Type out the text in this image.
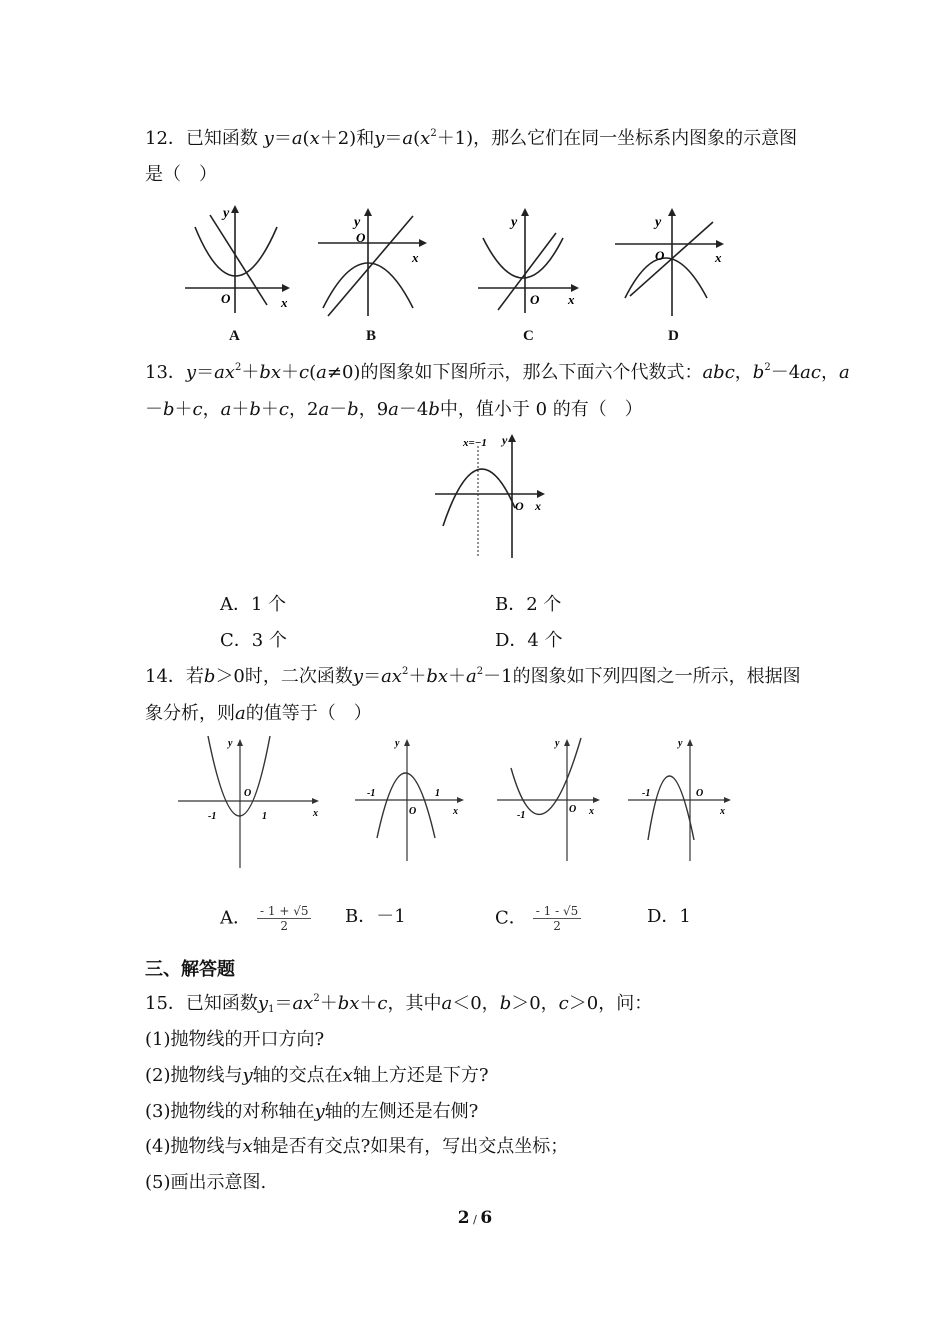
12．已知函数 y＝a(x＋2)和$y=a(x^2+1)$，那么它们在同一坐标系内图象的示意图
是（　）
y
O	x
A
y
O
x
B
y
O x
C
y
O	x
D
13．$y=ax^2+bx+c(a\ne 0)$的图象如下图所示，那么下面六个代数式：abc，$b^2-4ac$，a
－b＋c，a＋b＋c，2a－b，9a－4b中，值小于 0 的有（　）
x=−1 y
O x
A．1 个	B．2 个
C．3 个	D．4 个
14．若b＞0时，二次函数$y=ax^2+bx+a^2-1$的图象如下列四图之一所示，根据图
象分析，则a的值等于（　）
y
O
-1	1	x
y
-1	1
O	x
y
-1
O x
y
-1	O
x
A． $\frac{- 1 + √5}{2}$ B．－1	C． $\frac{- 1 - √5}{2}$	D．1
三、解答题
15．已知函数$y_1=ax^2+bx+c$，其中a＜0，b＞0，c＞0，问：
(1)抛物线的开口方向?
(2)抛物线与y轴的交点在x轴上方还是下方?
(3)抛物线的对称轴在y轴的左侧还是右侧?
(4)抛物线与x轴是否有交点?如果有，写出交点坐标；
(5)画出示意图.
2 / 6
